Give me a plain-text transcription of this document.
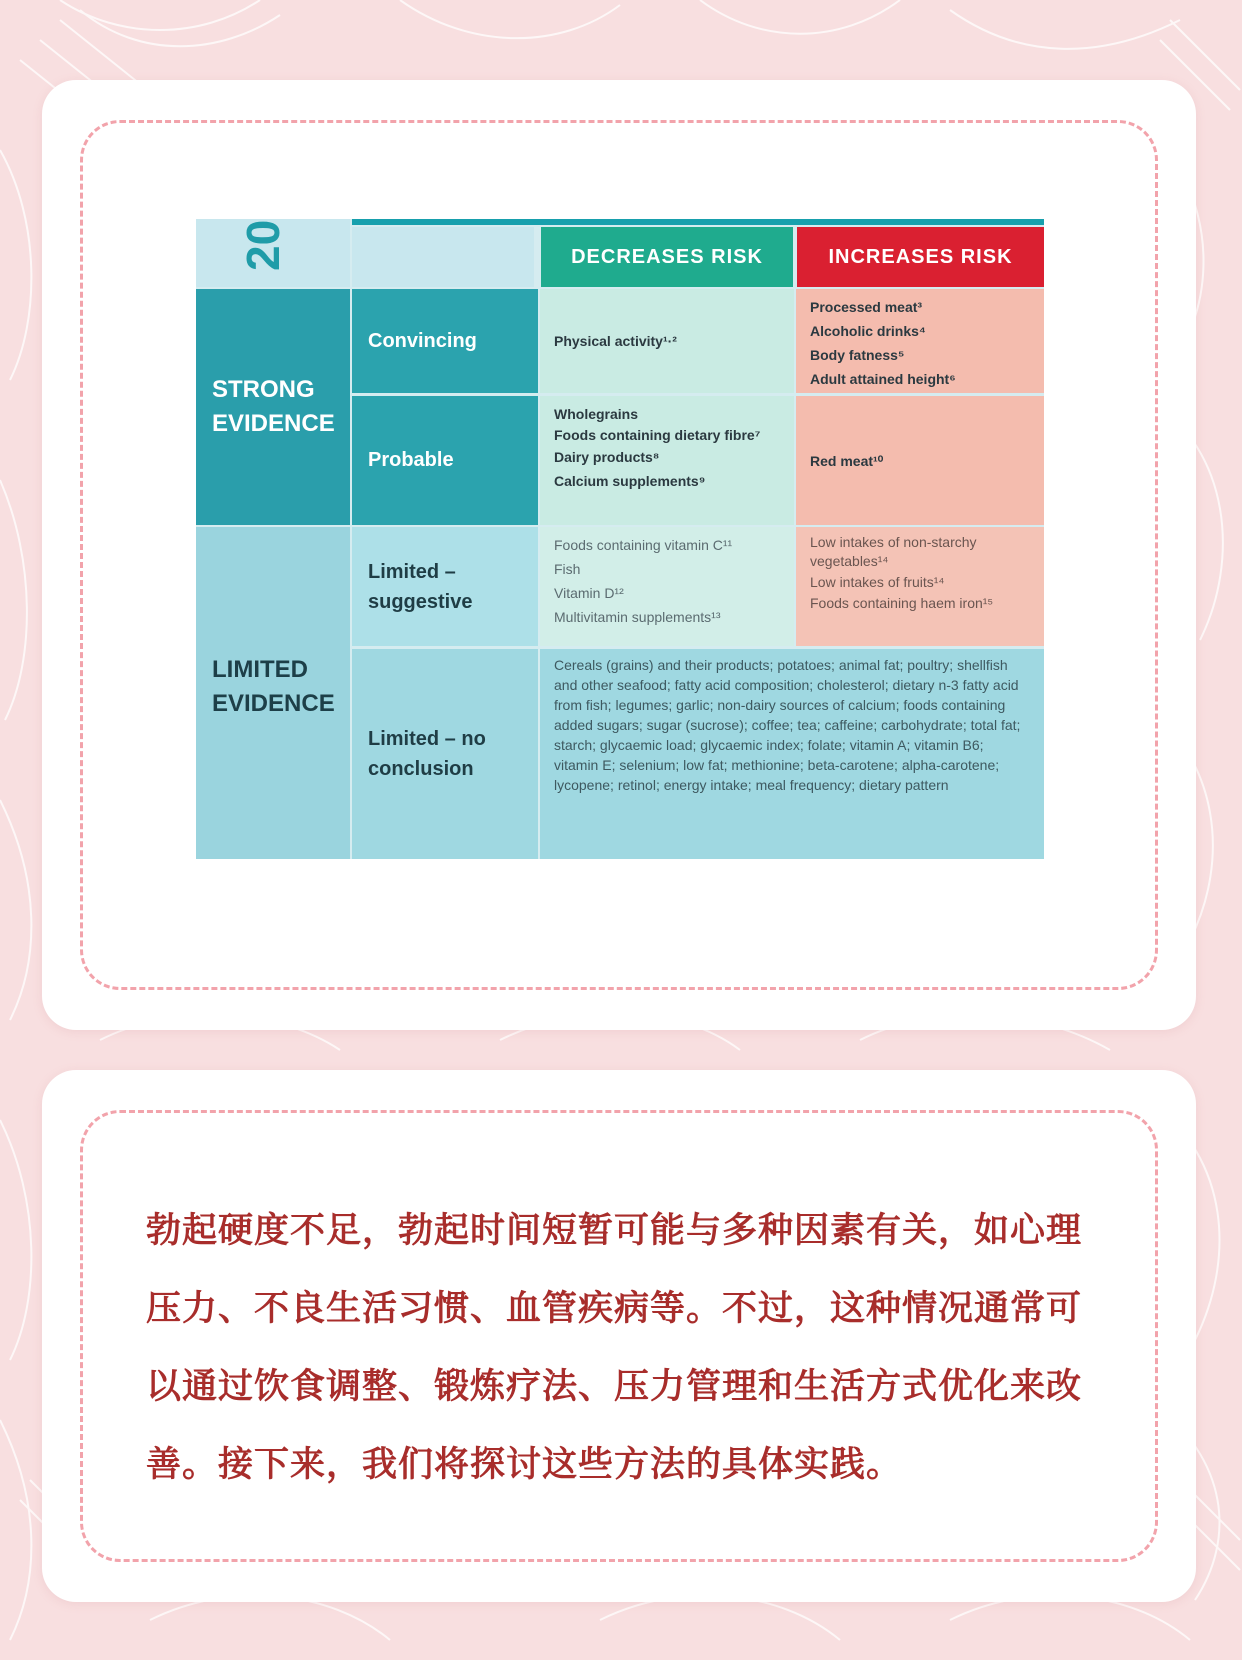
20	DECREASES RISK	INCREASES RISK
STRONG EVIDENCE
LIMITED EVIDENCE
Convincing
Probable
Limited – suggestive
Limited – no conclusion
Physical activity¹·²
Wholegrains
Foods containing dietary fibre⁷
Dairy products⁸
Calcium supplements⁹
Foods containing vitamin C¹¹
Fish
Vitamin D¹²
Multivitamin supplements¹³
Processed meat³
Alcoholic drinks⁴
Body fatness⁵
Adult attained height⁶
Red meat¹⁰
Low intakes of non-starchy vegetables¹⁴
Low intakes of fruits¹⁴
Foods containing haem iron¹⁵
Cereals (grains) and their products; potatoes; animal fat; poultry; shellfish and other seafood; fatty acid composition; cholesterol; dietary n-3 fatty acid from fish; legumes; garlic; non-dairy sources of calcium; foods containing added sugars; sugar (sucrose); coffee; tea; caffeine; carbohydrate; total fat; starch; glycaemic load; glycaemic index; folate; vitamin A; vitamin B6; vitamin E; selenium; low fat; methionine; beta-carotene; alpha-carotene; lycopene; retinol; energy intake; meal frequency; dietary pattern
勃起硬度不足，勃起时间短暂可能与多种因素有关，如心理压力、不良生活习惯、血管疾病等。不过，这种情况通常可以通过饮食调整、锻炼疗法、压力管理和生活方式优化来改善。接下来，我们将探讨这些方法的具体实践。
